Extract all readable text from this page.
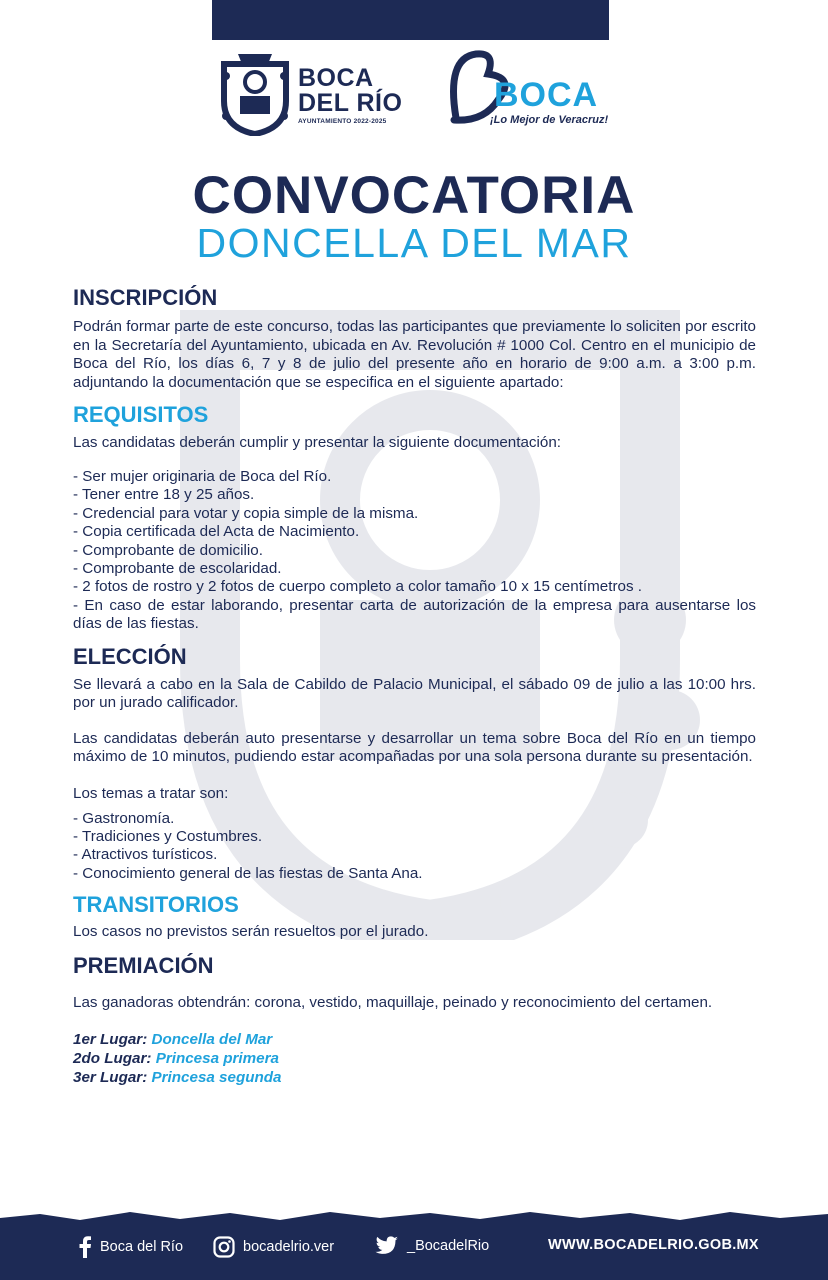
BOCA
DEL RÍO
AYUNTAMIENTO 2022-2025
BOCA
¡Lo Mejor de Veracruz!
CONVOCATORIA
DONCELLA DEL MAR
INSCRIPCIÓN
Podrán formar parte de este concurso, todas las participantes que previamente lo soliciten por escrito en la Secretaría del Ayuntamiento, ubicada en Av. Revolución # 1000 Col. Centro en el municipio de Boca del Río, los días 6, 7 y 8 de julio del presente año en horario de 9:00 a.m. a 3:00 p.m. adjuntando la documentación que se especifica en el siguiente apartado:
REQUISITOS
Las candidatas deberán cumplir y presentar la siguiente documentación:
- Ser mujer originaria de Boca del Río.
- Tener entre 18 y 25 años.
- Credencial para votar y copia simple de la misma.
- Copia certificada del Acta de Nacimiento.
- Comprobante de domicilio.
- Comprobante de escolaridad.
- 2 fotos de rostro y 2 fotos de cuerpo completo a color tamaño 10 x 15 centímetros .
- En caso de estar laborando, presentar carta de autorización de la empresa para ausentarse los días de las fiestas.
ELECCIÓN
Se llevará a cabo en la Sala de Cabildo de Palacio Municipal, el sábado 09 de julio a las 10:00 hrs. por un jurado calificador.
Las candidatas deberán auto presentarse y desarrollar un tema sobre Boca del Río en un tiempo máximo de 10 minutos, pudiendo estar acompañadas por una sola persona durante su presentación.
Los temas a tratar son:
- Gastronomía.
- Tradiciones y Costumbres.
- Atractivos turísticos.
- Conocimiento general de las fiestas de Santa Ana.
TRANSITORIOS
Los casos no previstos serán resueltos por el jurado.
PREMIACIÓN
Las ganadoras obtendrán: corona, vestido, maquillaje, peinado y reconocimiento del certamen.
1er Lugar: Doncella del Mar
2do Lugar: Princesa primera
3er Lugar: Princesa segunda
Boca del Río	bocadelrio.ver	_BocadelRio	WWW.BOCADELRIO.GOB.MX
